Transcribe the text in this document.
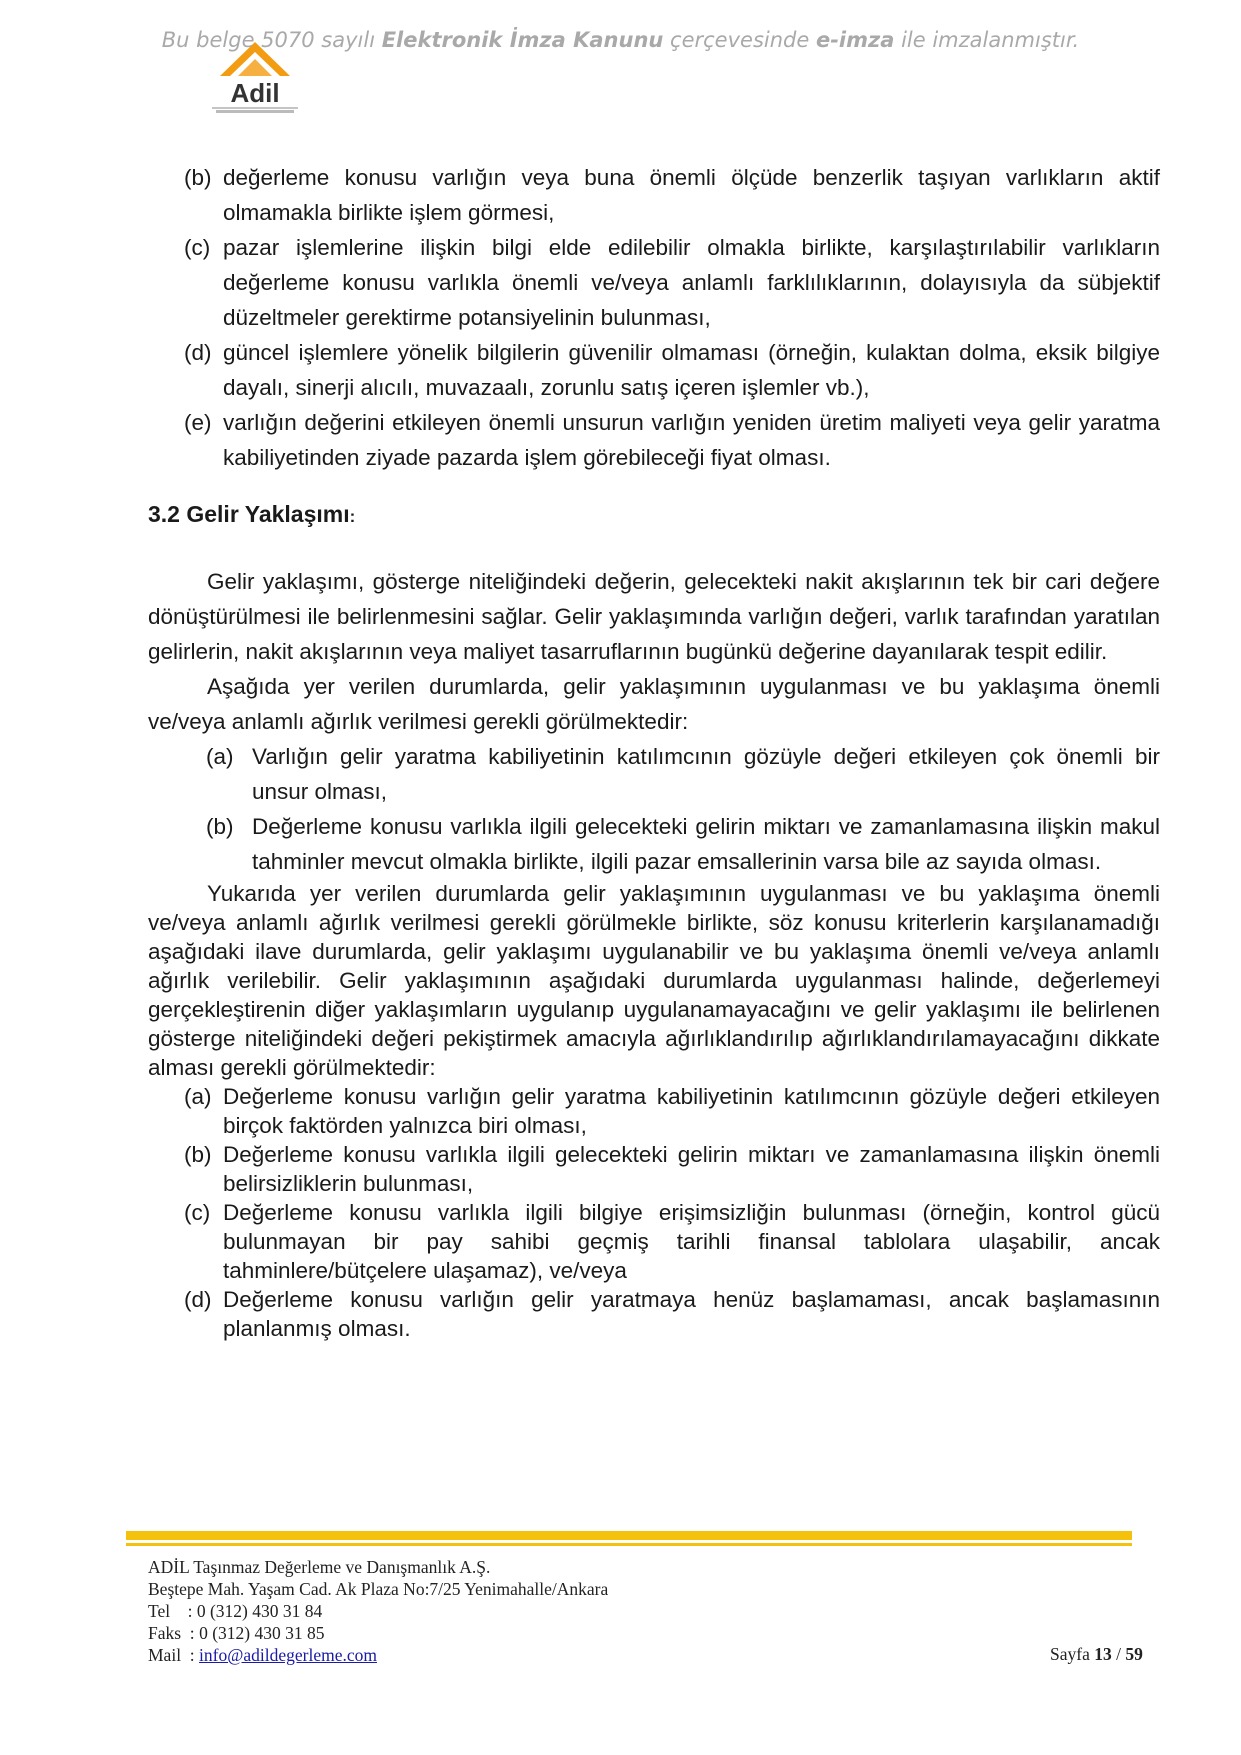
Bu belge 5070 sayılı Elektronik İmza Kanunu çerçevesinde e-imza ile imzalanmıştır.
Adil

(b) değerleme konusu varlığın veya buna önemli ölçüde benzerlik taşıyan varlıkların aktif olmamakla birlikte işlem görmesi,

(c) pazar işlemlerine ilişkin bilgi elde edilebilir olmakla birlikte, karşılaştırılabilir varlıkların değerleme konusu varlıkla önemli ve/veya anlamlı farklılıklarının, dolayısıyla da sübjektif düzeltmeler gerektirme potansiyelinin bulunması,

(d) güncel işlemlere yönelik bilgilerin güvenilir olmaması (örneğin, kulaktan dolma, eksik bilgiye dayalı, sinerji alıcılı, muvazaalı, zorunlu satış içeren işlemler vb.),

(e) varlığın değerini etkileyen önemli unsurun varlığın yeniden üretim maliyeti veya gelir yaratma kabiliyetinden ziyade pazarda işlem görebileceği fiyat olması.

3.2 Gelir Yaklaşımı:

Gelir yaklaşımı, gösterge niteliğindeki değerin, gelecekteki nakit akışlarının tek bir cari değere dönüştürülmesi ile belirlenmesini sağlar. Gelir yaklaşımında varlığın değeri, varlık tarafından yaratılan gelirlerin, nakit akışlarının veya maliyet tasarruflarının bugünkü değerine dayanılarak tespit edilir.

Aşağıda yer verilen durumlarda, gelir yaklaşımının uygulanması ve bu yaklaşıma önemli ve/veya anlamlı ağırlık verilmesi gerekli görülmektedir:

(a) Varlığın gelir yaratma kabiliyetinin katılımcının gözüyle değeri etkileyen çok önemli bir unsur olması,

(b) Değerleme konusu varlıkla ilgili gelecekteki gelirin miktarı ve zamanlamasına ilişkin makul tahminler mevcut olmakla birlikte, ilgili pazar emsallerinin varsa bile az sayıda olması.

Yukarıda yer verilen durumlarda gelir yaklaşımının uygulanması ve bu yaklaşıma önemli ve/veya anlamlı ağırlık verilmesi gerekli görülmekle birlikte, söz konusu kriterlerin karşılanamadığı aşağıdaki ilave durumlarda, gelir yaklaşımı uygulanabilir ve bu yaklaşıma önemli ve/veya anlamlı ağırlık verilebilir. Gelir yaklaşımının aşağıdaki durumlarda uygulanması halinde, değerlemeyi gerçekleştirenin diğer yaklaşımların uygulanıp uygulanamayacağını ve gelir yaklaşımı ile belirlenen gösterge niteliğindeki değeri pekiştirmek amacıyla ağırlıklandırılıp ağırlıklandırılamayacağını dikkate alması gerekli görülmektedir:

(a) Değerleme konusu varlığın gelir yaratma kabiliyetinin katılımcının gözüyle değeri etkileyen birçok faktörden yalnızca biri olması,

(b) Değerleme konusu varlıkla ilgili gelecekteki gelirin miktarı ve zamanlamasına ilişkin önemli belirsizliklerin bulunması,

(c) Değerleme konusu varlıkla ilgili bilgiye erişimsizliğin bulunması (örneğin, kontrol gücü bulunmayan bir pay sahibi geçmiş tarihli finansal tablolara ulaşabilir, ancak tahminlere/bütçelere ulaşamaz), ve/veya

(d) Değerleme konusu varlığın gelir yaratmaya henüz başlamaması, ancak başlamasının planlanmış olması.

ADİL Taşınmaz Değerleme ve Danışmanlık A.Ş.
Beştepe Mah. Yaşam Cad. Ak Plaza No:7/25 Yenimahalle/Ankara
Tel    : 0 (312) 430 31 84
Faks  : 0 (312) 430 31 85
Mail  : info@adildegerleme.com	Sayfa 13 / 59
